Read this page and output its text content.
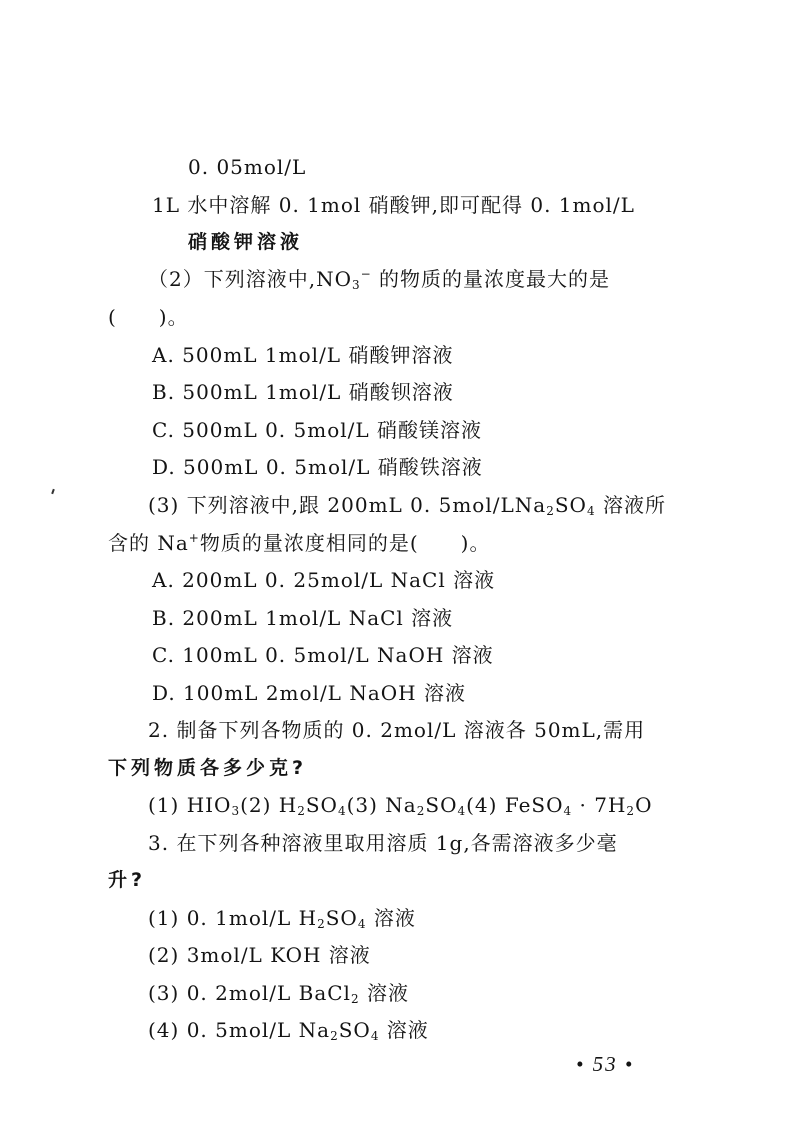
0. 05mol/L
1L 水中溶解 0. 1mol 硝酸钾,即可配得 0. 1mol/L
硝酸钾溶液
（2）下列溶液中$,NO_3^-$ 的物质的量浓度最大的是
(　　)。
A. 500mL 1mol/L 硝酸钾溶液
B. 500mL 1mol/L 硝酸钡溶液
C. 500mL 0. 5mol/L 硝酸镁溶液
D. 500mL 0. 5mol/L 硝酸铁溶液
(3) 下列溶液中,跟 200mL 0. $5mol/LNa_2SO_4$ 溶液所
含的 Na+物质的量浓度相同的是(　　)。
A. 200mL 0. 25mol/L NaCl 溶液
B. 200mL 1mol/L NaCl 溶液
C. 100mL 0. 5mol/L NaOH 溶液
D. 100mL 2mol/L NaOH 溶液
2. 制备下列各物质的 0. 2mol/L 溶液各 50mL,需用
下列物质各多少克?
(1) $HIO_3(2)$ $H_2SO_4(3)$ $Na_2SO_4(4)$ FeSO$_4$ · $7H_2O$
3. 在下列各种溶液里取用溶质 1g,各需溶液多少毫
升?
(1) 0. 1mol/L $H_2SO_4$ 溶液
(2) 3mol/L KOH 溶液
(3) 0. 2mol/L BaCl$_2$ 溶液
(4) 0. 5mol/L $Na_2SO_4$ 溶液
• 53 •
